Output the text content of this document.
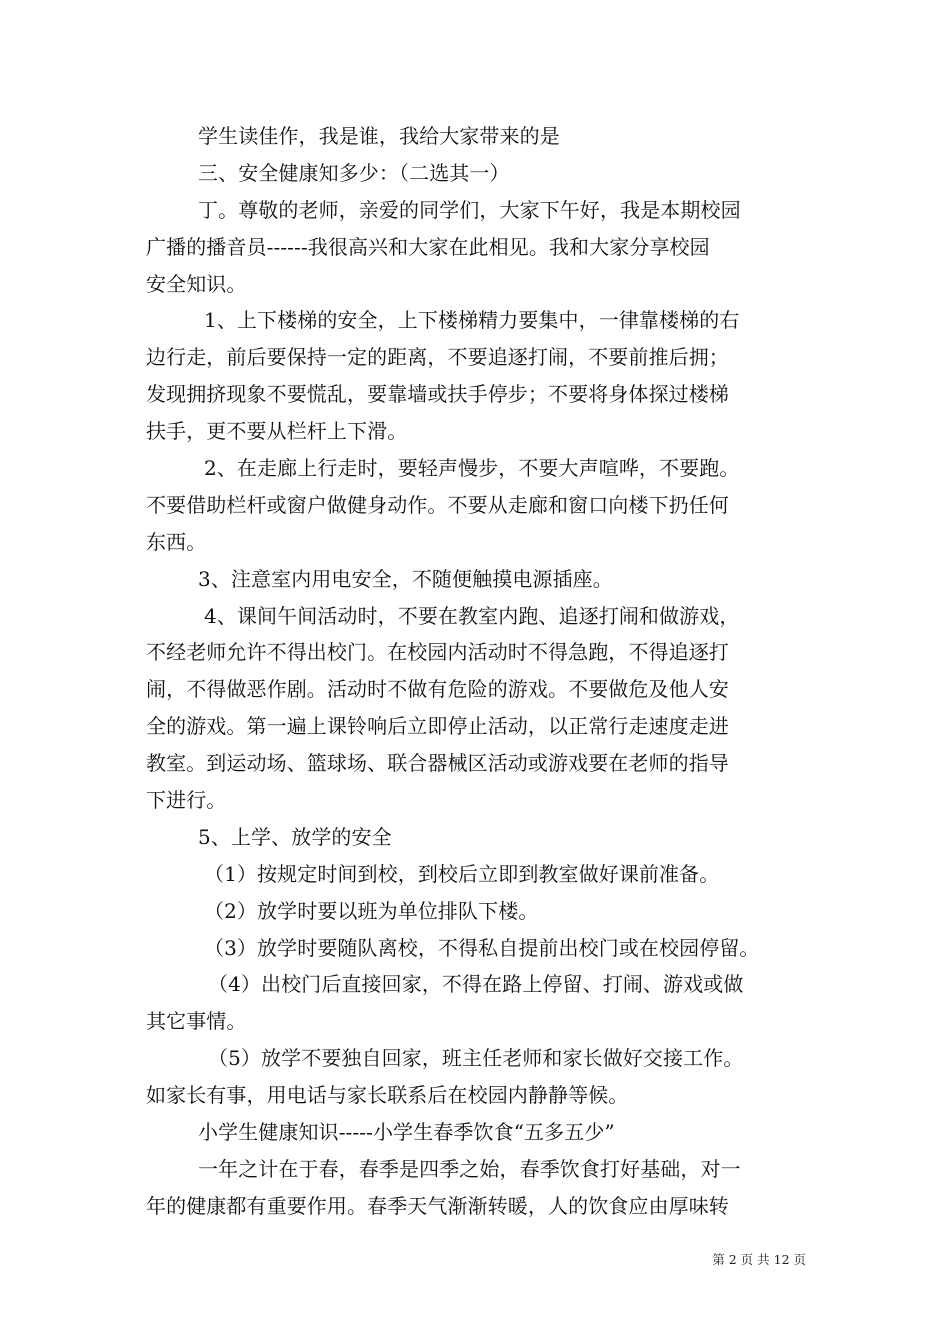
学生读佳作，我是谁，我给大家带来的是
三、安全健康知多少：（二选其一）
丁。尊敬的老师，亲爱的同学们，大家下午好，我是本期校园
广播的播音员------我很高兴和大家在此相见。我和大家分享校园
安全知识。
1、上下楼梯的安全，上下楼梯精力要集中，一律靠楼梯的右
边行走，前后要保持一定的距离，不要追逐打闹，不要前推后拥；
发现拥挤现象不要慌乱，要靠墙或扶手停步；不要将身体探过楼梯
扶手，更不要从栏杆上下滑。
2、在走廊上行走时，要轻声慢步，不要大声喧哗，不要跑。
不要借助栏杆或窗户做健身动作。不要从走廊和窗口向楼下扔任何
东西。
3、注意室内用电安全，不随便触摸电源插座。
4、课间午间活动时，不要在教室内跑、追逐打闹和做游戏，
不经老师允许不得出校门。在校园内活动时不得急跑，不得追逐打
闹，不得做恶作剧。活动时不做有危险的游戏。不要做危及他人安
全的游戏。第一遍上课铃响后立即停止活动，以正常行走速度走进
教室。到运动场、篮球场、联合器械区活动或游戏要在老师的指导
下进行。
5、上学、放学的安全
（1）按规定时间到校，到校后立即到教室做好课前准备。
（2）放学时要以班为单位排队下楼。
（3）放学时要随队离校，不得私自提前出校门或在校园停留。
（4）出校门后直接回家，不得在路上停留、打闹、游戏或做
其它事情。
（5）放学不要独自回家，班主任老师和家长做好交接工作。
如家长有事，用电话与家长联系后在校园内静静等候。
小学生健康知识-----小学生春季饮食“五多五少”
一年之计在于春，春季是四季之始，春季饮食打好基础，对一
年的健康都有重要作用。春季天气渐渐转暖，人的饮食应由厚味转
第 2 页 共 12 页
